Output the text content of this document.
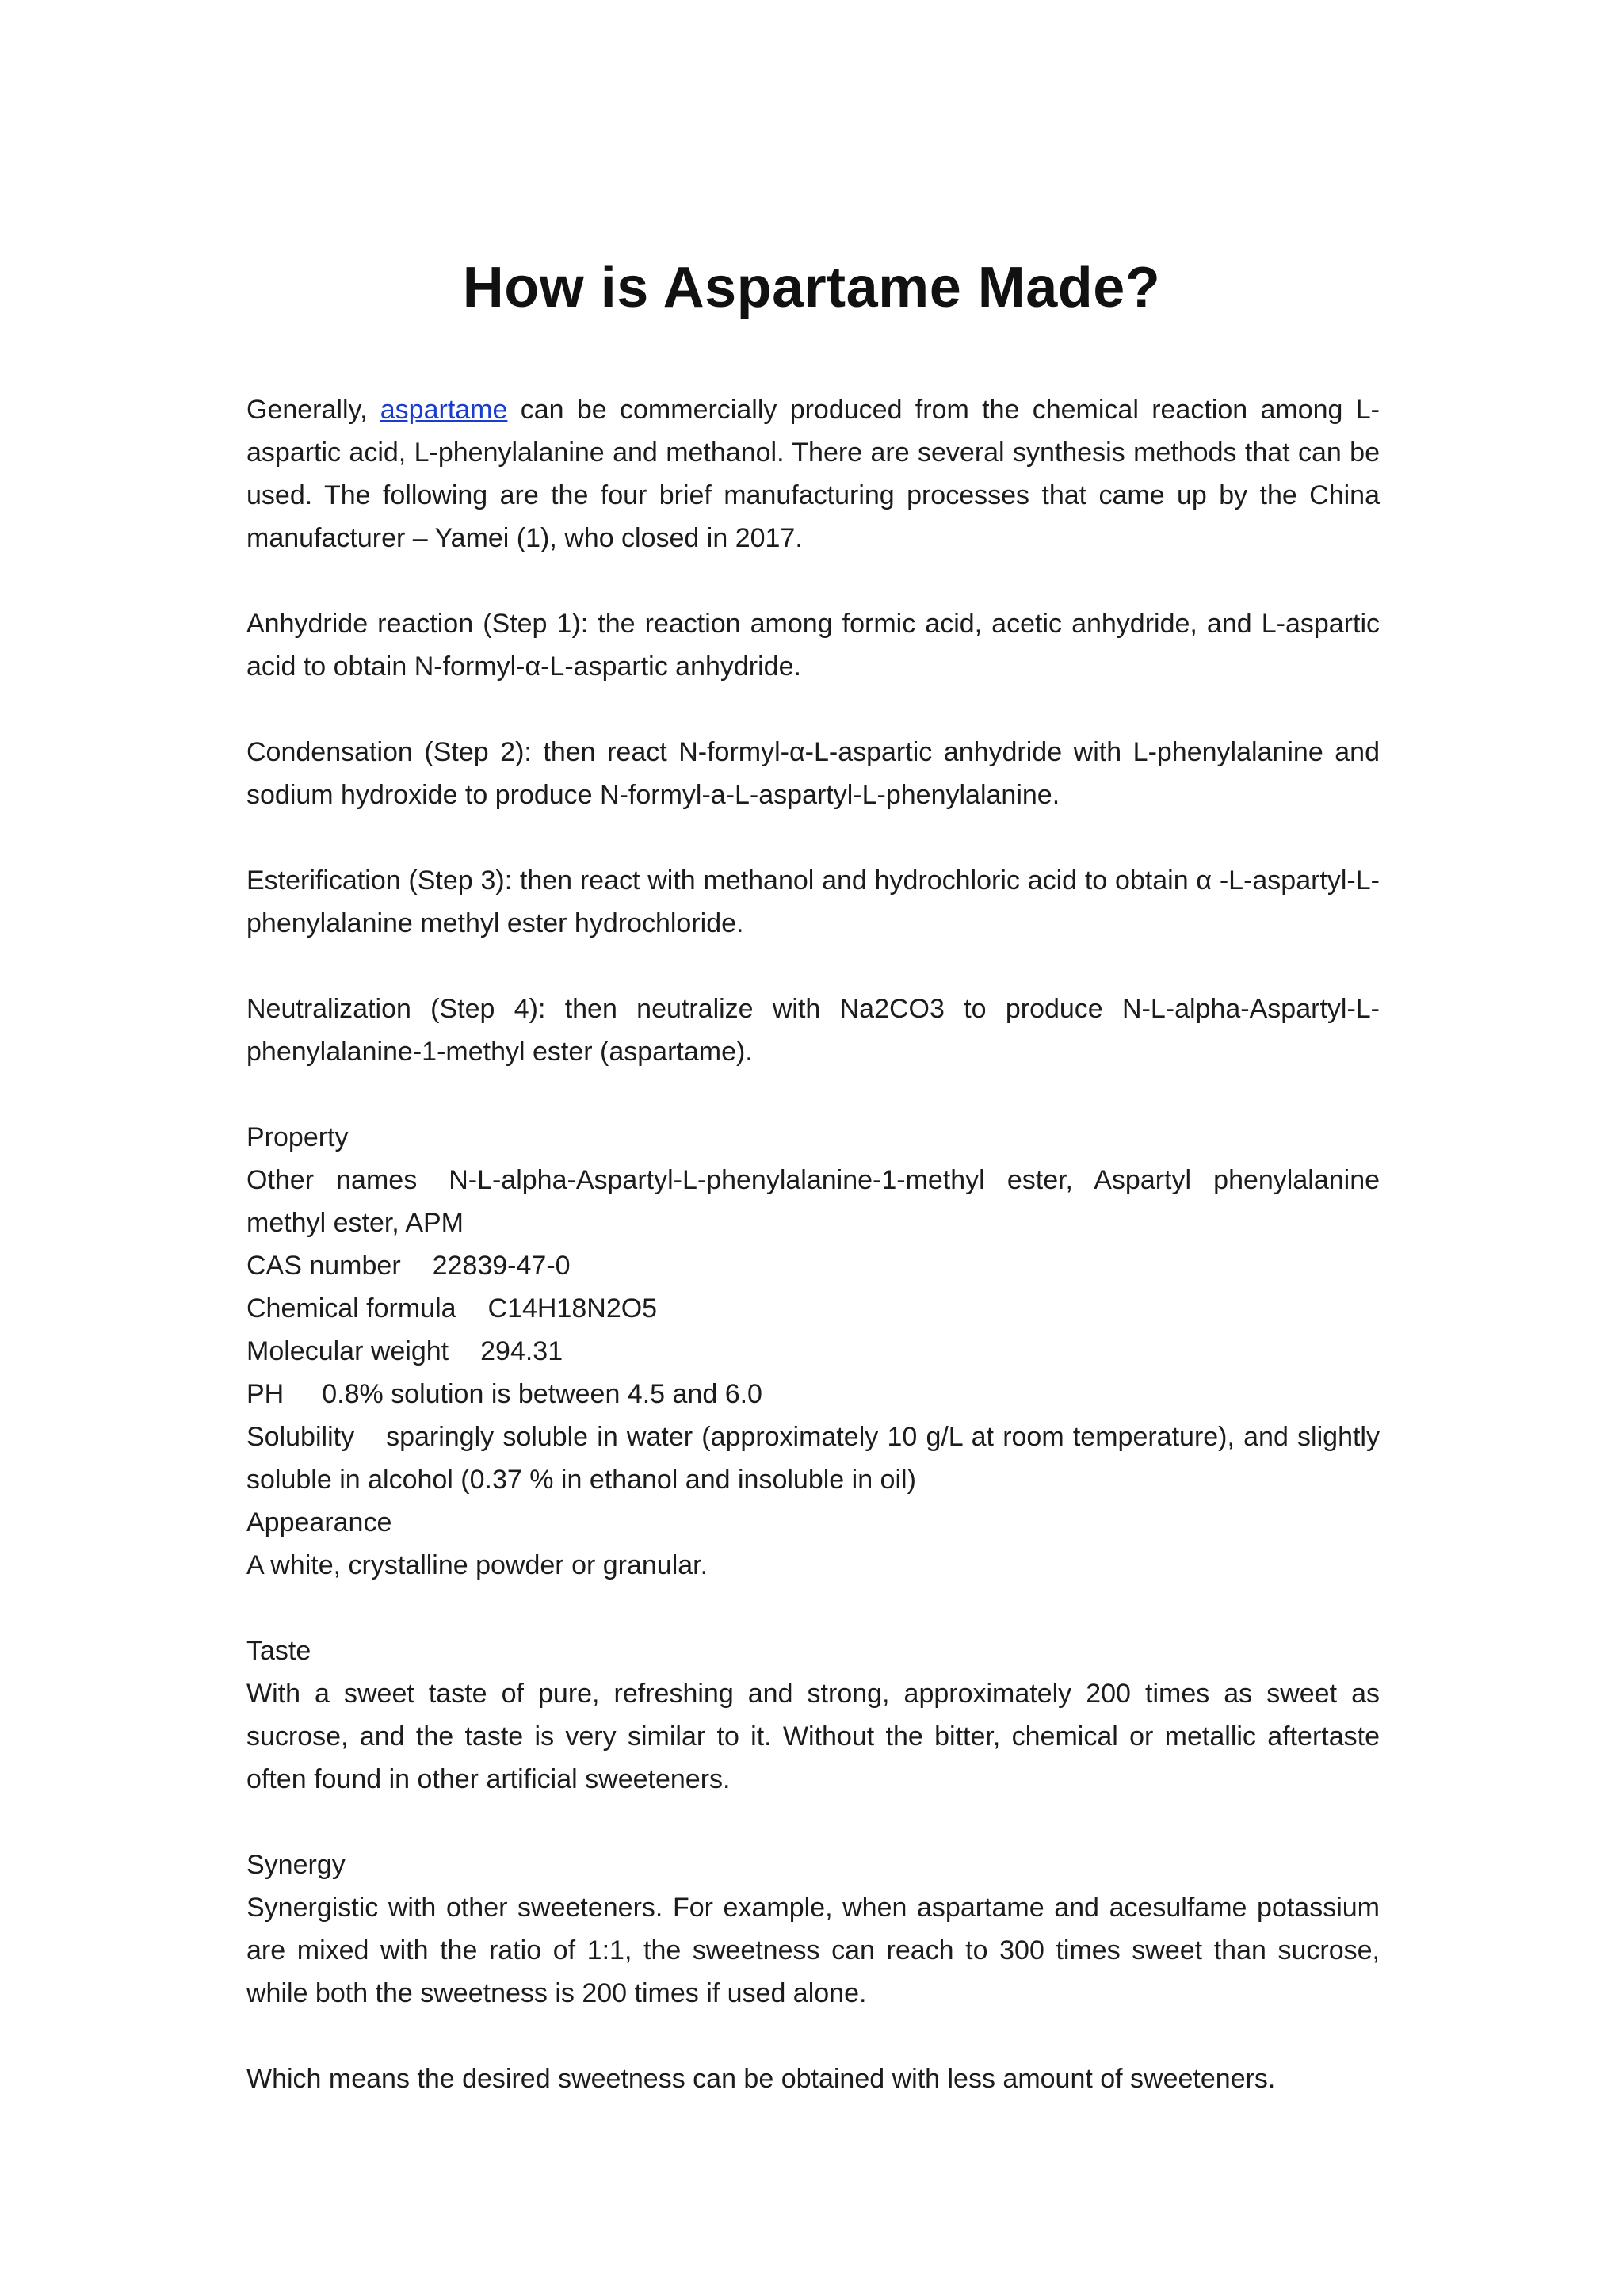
How is Aspartame Made?

Generally, aspartame can be commercially produced from the chemical reaction among L-aspartic acid, L-phenylalanine and methanol. There are several synthesis methods that can be used. The following are the four brief manufacturing processes that came up by the China manufacturer – Yamei (1), who closed in 2017.

Anhydride reaction (Step 1): the reaction among formic acid, acetic anhydride, and L-aspartic acid to obtain N-formyl-α-L-aspartic anhydride.

Condensation (Step 2): then react N-formyl-α-L-aspartic anhydride with L-phenylalanine and sodium hydroxide to produce N-formyl-a-L-aspartyl-L-phenylalanine.

Esterification (Step 3): then react with methanol and hydrochloric acid to obtain α -L-aspartyl-L-phenylalanine methyl ester hydrochloride.

Neutralization (Step 4): then neutralize with Na2CO3 to produce N-L-alpha-Aspartyl-L-phenylalanine-1-methyl ester (aspartame).

Property

Other names N-L-alpha-Aspartyl-L-phenylalanine-1-methyl ester, Aspartyl phenylalanine methyl ester, APM

CAS number 22839-47-0

Chemical formula C14H18N2O5

Molecular weight 294.31

PH 0.8% solution is between 4.5 and 6.0

Solubility sparingly soluble in water (approximately 10 g/L at room temperature), and slightly soluble in alcohol (0.37 % in ethanol and insoluble in oil)

Appearance

A white, crystalline powder or granular.

Taste

With a sweet taste of pure, refreshing and strong, approximately 200 times as sweet as sucrose, and the taste is very similar to it. Without the bitter, chemical or metallic aftertaste often found in other artificial sweeteners.

Synergy

Synergistic with other sweeteners. For example, when aspartame and acesulfame potassium are mixed with the ratio of 1:1, the sweetness can reach to 300 times sweet than sucrose, while both the sweetness is 200 times if used alone.

Which means the desired sweetness can be obtained with less amount of sweeteners.
